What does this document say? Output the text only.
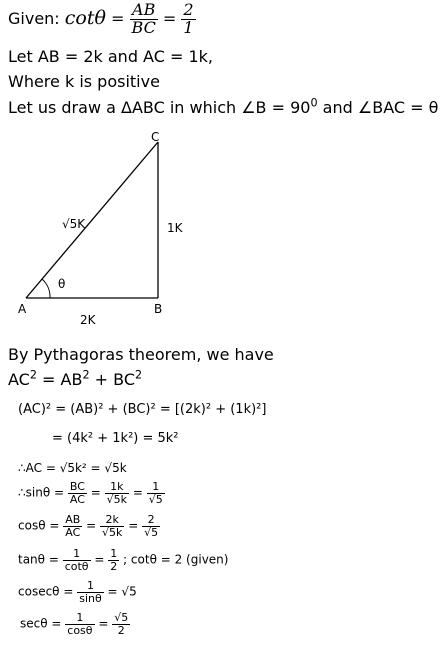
Given: $\cot\theta = \frac{AB}{BC} = \frac{2}{1}$
Let AB = 2k and AC = 1k,
Where k is positive
Let us draw a ΔABC in which ∠B = $90^0$ and ∠BAC = θ
θ
A	B
C
2K
1K
√5K
By Pythagoras theorem, we have
$AC^2 = AB^2 + BC^2$
(AC)² = (AB)² + (BC)² = [(2k)² + (1k)²]
= (4k² + 1k²) = 5k²
∴AC = √5k² = √5k
∴sinθ = $\frac{BC}{AC} = \frac{1k}{√5k} = \frac{1}{√5}$
$\cos\theta = \frac{AB}{AC} = \frac{2k}{√5k} = \frac{2}{√5}$
$\tan\theta = \frac{1}{\cot\theta} = \frac{1}{2}$ ; cotθ = 2 (given)
$cosec\theta = \frac{1}{\sin\theta} = √5$
$\sec\theta = \frac{1}{\cos\theta} = \frac{√5}{2}$
